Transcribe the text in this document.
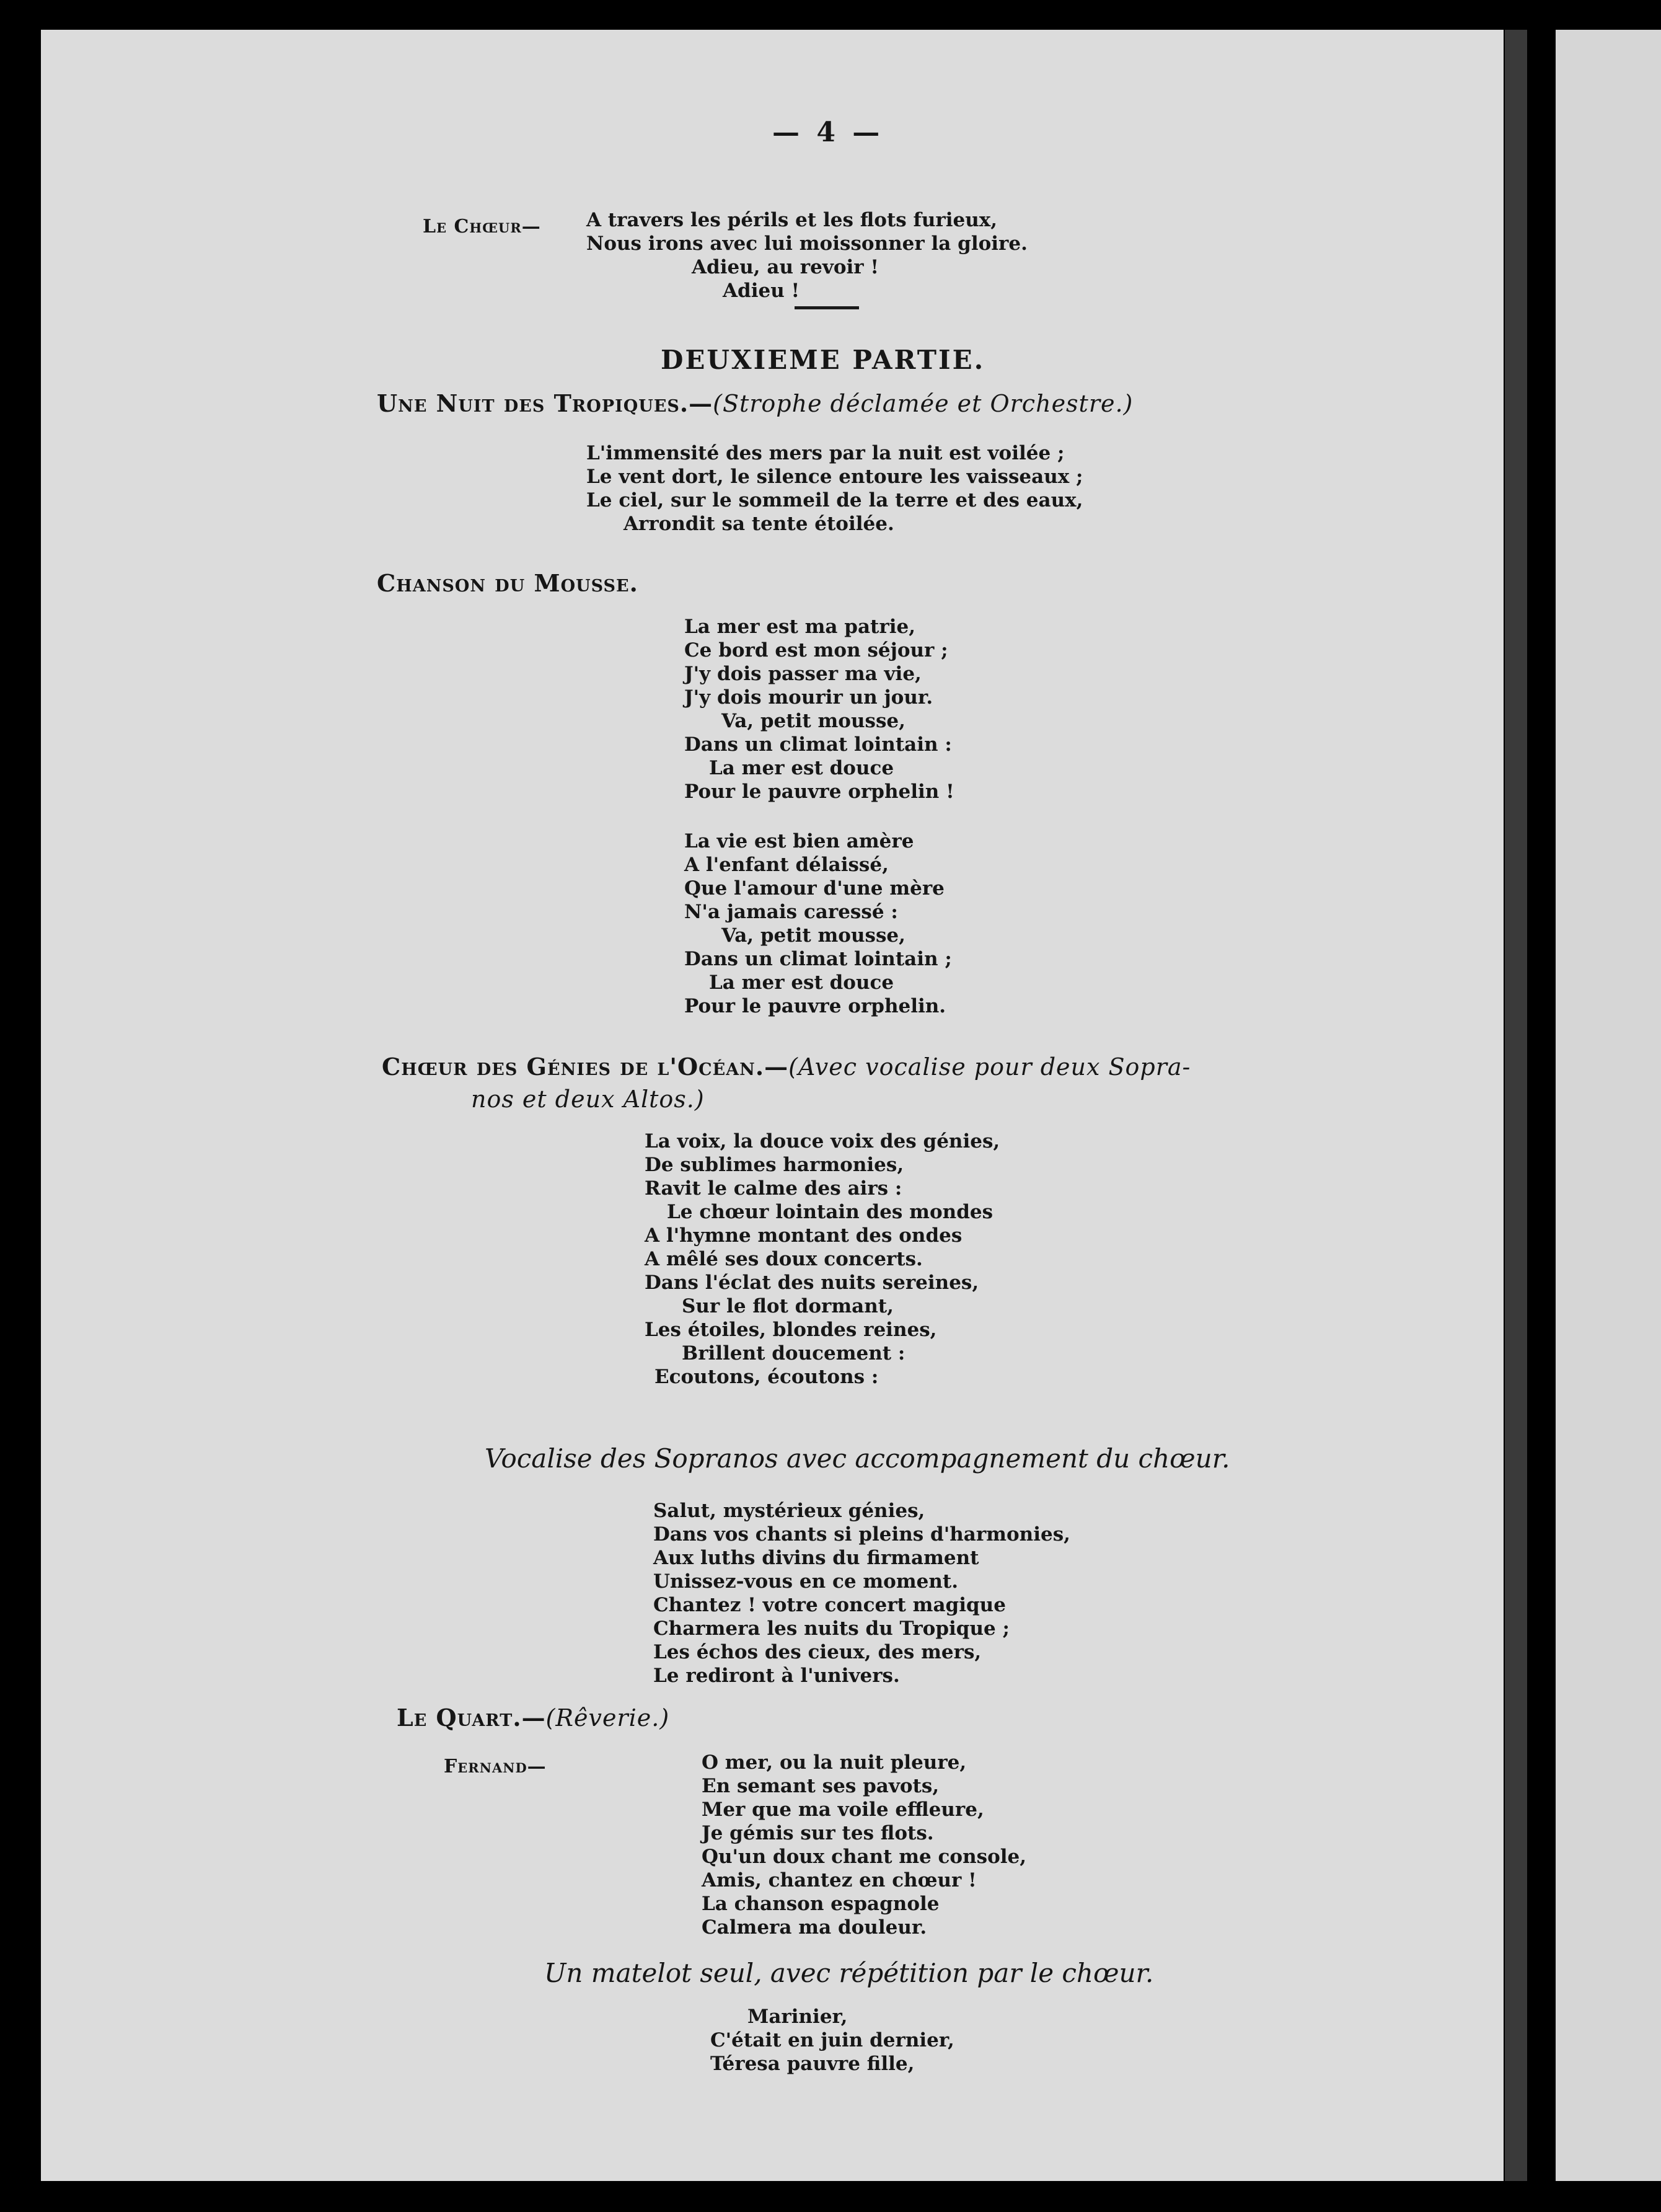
— 4 —
Le Chœur— A travers les périls et les flots furieux,
Nous irons avec lui moissonner la gloire.
Adieu, au revoir !
Adieu !
DEUXIEME PARTIE.
Une Nuit des Tropiques.—(Strophe déclamée et Orchestre.)
L'immensité des mers par la nuit est voilée ;
Le vent dort, le silence entoure les vaisseaux ;
Le ciel, sur le sommeil de la terre et des eaux,
Arrondit sa tente étoilée.
Chanson du Mousse.
La mer est ma patrie,
Ce bord est mon séjour ;
J'y dois passer ma vie,
J'y dois mourir un jour.
Va, petit mousse,
Dans un climat lointain :
La mer est douce
Pour le pauvre orphelin !
La vie est bien amère
A l'enfant délaissé,
Que l'amour d'une mère
N'a jamais caressé :
Va, petit mousse,
Dans un climat lointain ;
La mer est douce
Pour le pauvre orphelin.
Chœur des Génies de l'Océan.—(Avec vocalise pour deux Sopra-
nos et deux Altos.)
La voix, la douce voix des génies,
De sublimes harmonies,
Ravit le calme des airs :
Le chœur lointain des mondes
A l'hymne montant des ondes
A mêlé ses doux concerts.
Dans l'éclat des nuits sereines,
Sur le flot dormant,
Les étoiles, blondes reines,
Brillent doucement :
Ecoutons, écoutons :
Vocalise des Sopranos avec accompagnement du chœur.
Salut, mystérieux génies,
Dans vos chants si pleins d'harmonies,
Aux luths divins du firmament
Unissez-vous en ce moment.
Chantez ! votre concert magique
Charmera les nuits du Tropique ;
Les échos des cieux, des mers,
Le rediront à l'univers.
Le Quart.—(Rêverie.)
Fernand—	O mer, ou la nuit pleure,
En semant ses pavots,
Mer que ma voile effleure,
Je gémis sur tes flots.
Qu'un doux chant me console,
Amis, chantez en chœur !
La chanson espagnole
Calmera ma douleur.
Un matelot seul, avec répétition par le chœur.
Marinier,
C'était en juin dernier,
Téresa pauvre fille,
